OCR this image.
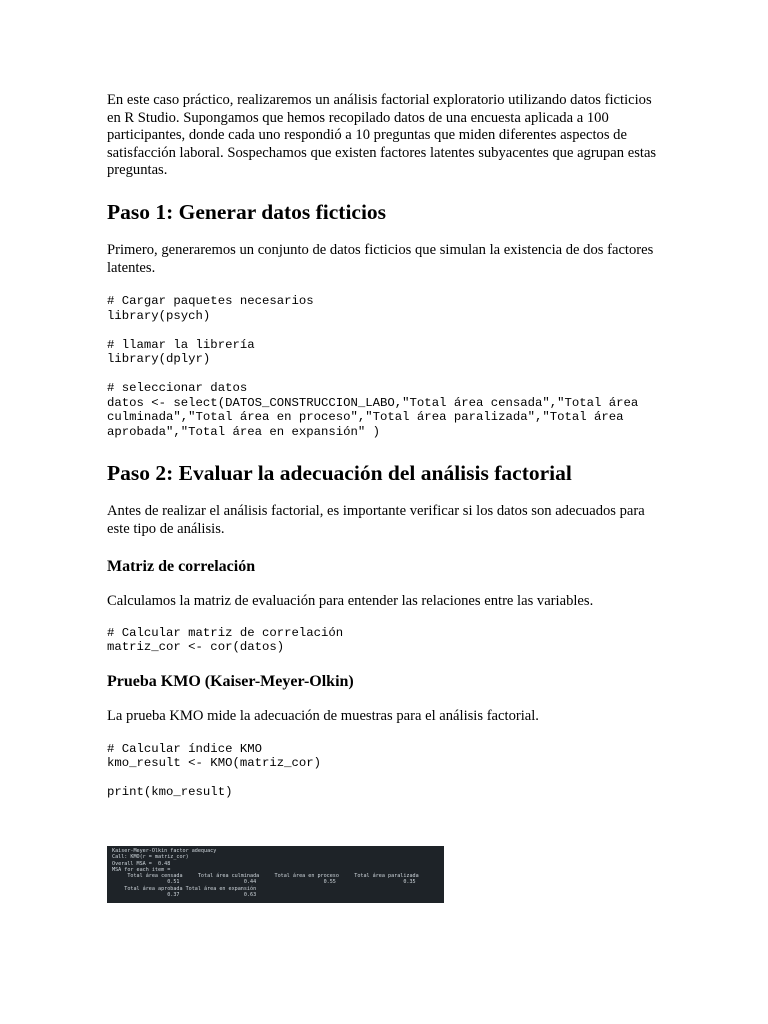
En este caso práctico, realizaremos un análisis factorial exploratorio utilizando datos ficticios en R Studio. Supongamos que hemos recopilado datos de una encuesta aplicada a 100 participantes, donde cada uno respondió a 10 preguntas que miden diferentes aspectos de satisfacción laboral. Sospechamos que existen factores latentes subyacentes que agrupan estas preguntas.

Paso 1: Generar datos ficticios

Primero, generaremos un conjunto de datos ficticios que simulan la existencia de dos factores latentes.

# Cargar paquetes necesarios
library(psych)

# llamar la librería
library(dplyr)

# seleccionar datos
datos <- select(DATOS_CONSTRUCCION_LABO,"Total área censada","Total área culminada","Total área en proceso","Total área paralizada","Total área aprobada","Total área en expansión" )
Paso 2: Evaluar la adecuación del análisis factorial

Antes de realizar el análisis factorial, es importante verificar si los datos son adecuados para este tipo de análisis.

Matriz de correlación

Calculamos la matriz de evaluación para entender las relaciones entre las variables.

# Calcular matriz de correlación
matriz_cor <- cor(datos)
Prueba KMO (Kaiser-Meyer-Olkin)

La prueba KMO mide la adecuación de muestras para el análisis factorial.

# Calcular índice KMO
kmo_result <- KMO(matriz_cor)

print(kmo_result)
Kaiser-Meyer-Olkin factor adequacy
Call: KMO(r = matriz_cor)
Overall MSA =  0.48
MSA for each item =
Total área censada     Total área culminada     Total área en proceso     Total área paralizada
0.51                     0.44                      0.55                      0.35
Total área aprobada Total área en expansión
0.37                     0.63
